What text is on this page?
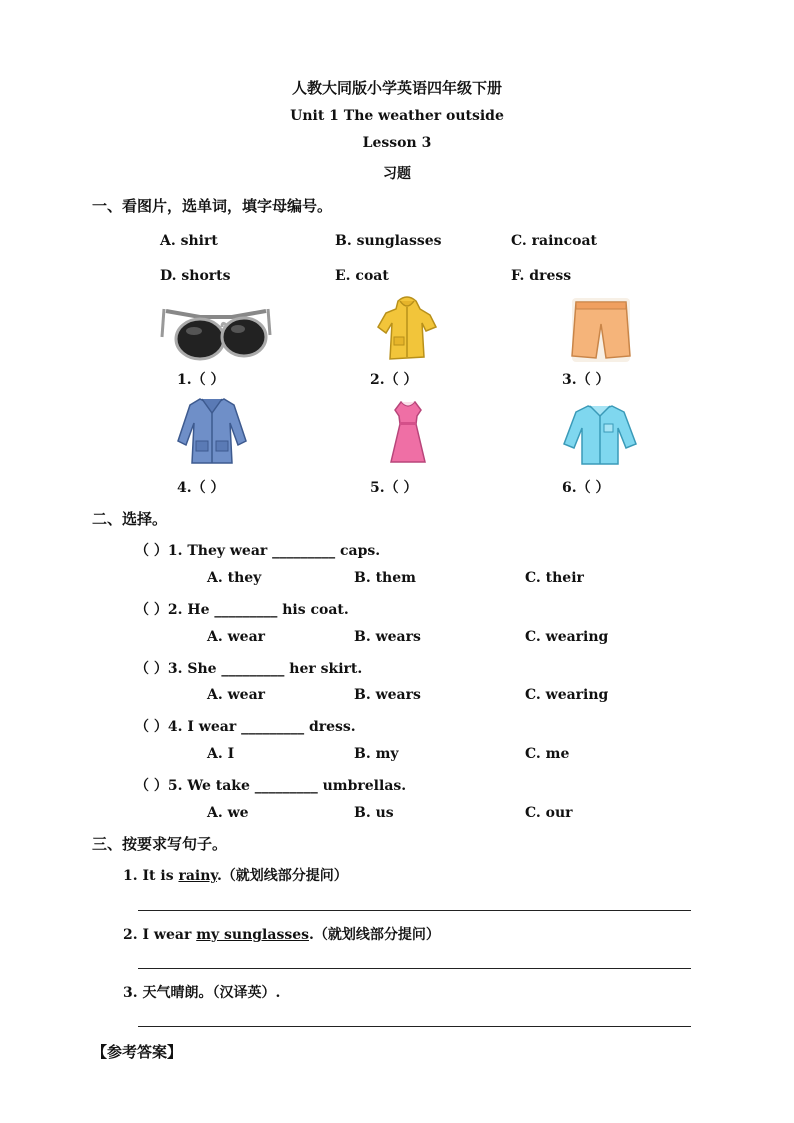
人教大同版小学英语四年级下册
Unit 1 The weather outside
Lesson 3
习题
一、看图片，选单词，填字母编号。
A. shirt	B. sunglasses	C. raincoat
D. shorts	E. coat	F. dress
1.（ ）	2.（ ）	3.（ ）
4.（ ）	5.（ ）	6.（ ）
二、选择。
（ ）1. They wear _________ caps.
A. they	B. them	C. their
（ ）2. He _________ his coat.
A. wear	B. wears	C. wearing
（ ）3. She _________ her skirt.
A. wear	B. wears	C. wearing
（ ）4. I wear _________ dress.
A. I	B. my	C. me
（ ）5. We take _________ umbrellas.
A. we	B. us	C. our
三、按要求写句子。
1. It is rainy.（就划线部分提问）
2. I wear my sunglasses.（就划线部分提问）
3. 天气晴朗。（汉译英）.
【参考答案】
